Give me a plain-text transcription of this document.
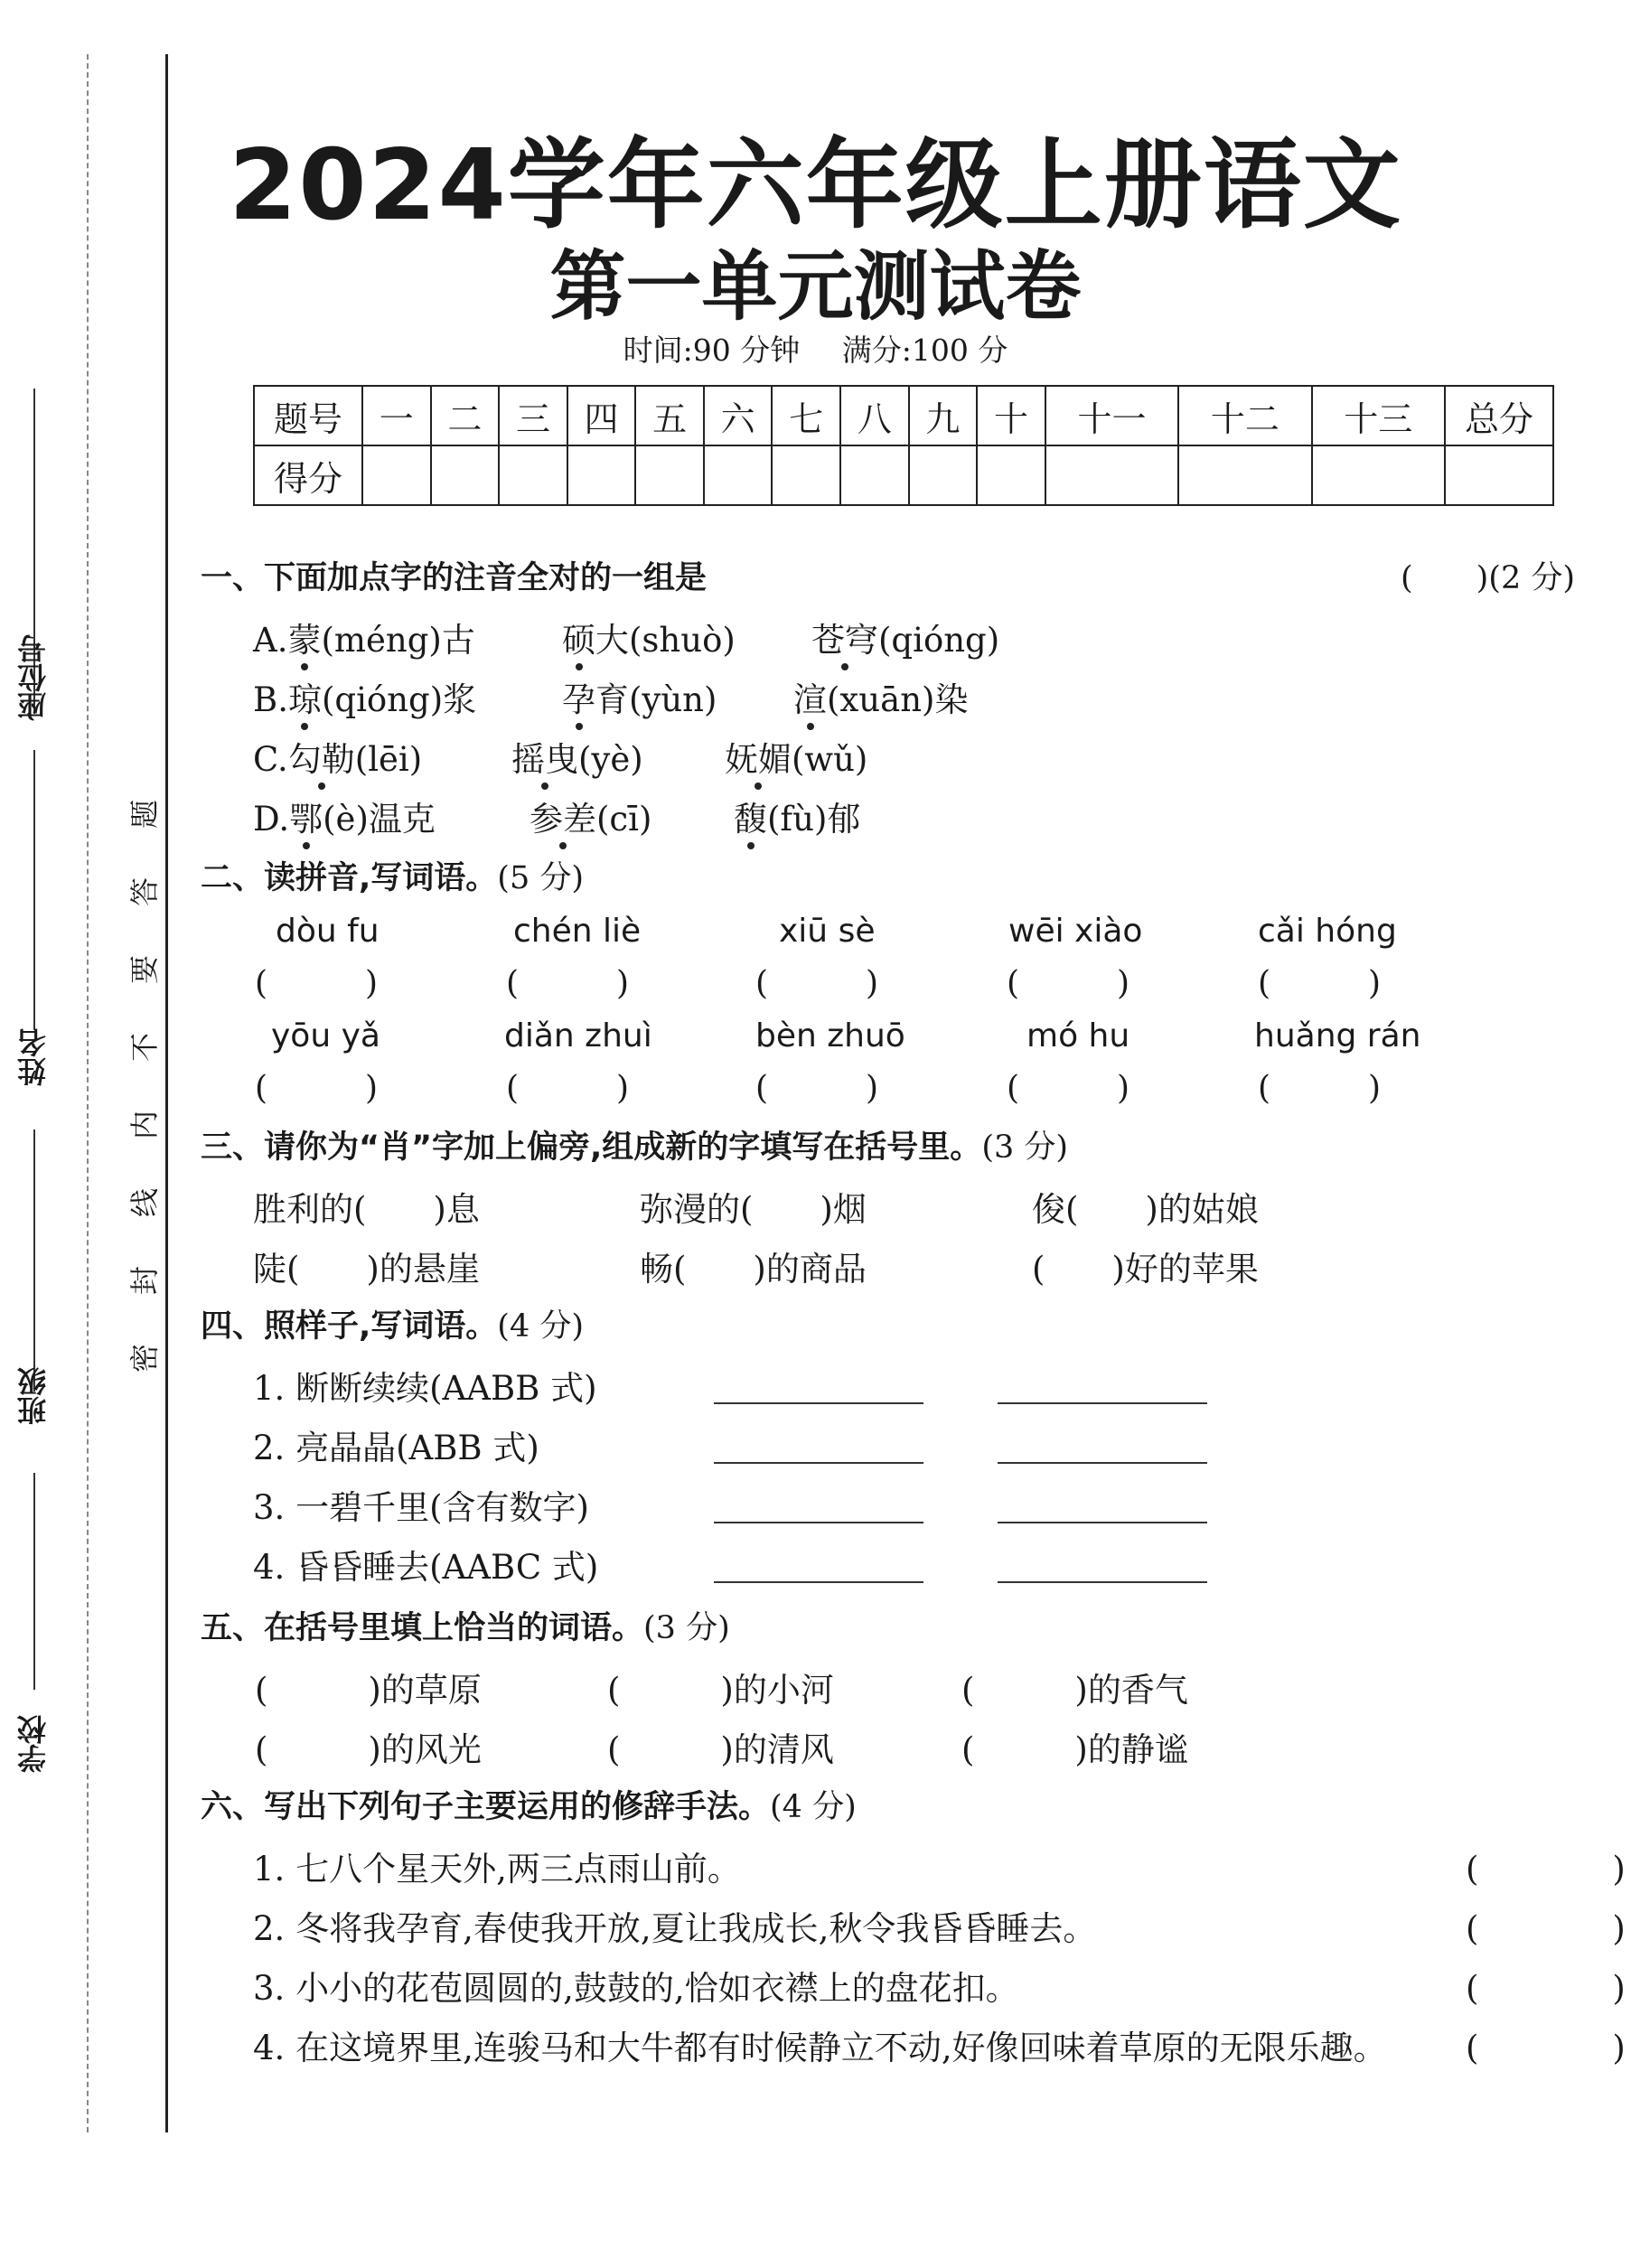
座位号
姓名
班级
学校
密
封
线
内
不
要
答
题
2024学年六年级上册语文
第一单元测试卷
时间:90 分钟 满分:100 分
题号	一	二	三	四	五	六	七	八	九	十	十一	十二	十三	总分
得分														
一、下面加点字的注音全对的一组是	(　　)(2 分)
A.蒙(méng)古	硕大(shuò) 苍穹(qióng)
B.琼(qióng)浆	孕育(yùn) 渲(xuān)染
C.勾勒(lēi)	摇曳(yè) 妩媚(wǔ)
D.鄂(è)温克	参差(cī) 馥(fù)郁
二、读拼音,写词语。(5 分)
dòu fu	chén liè	xiū sè	wēi xiào	cǎi hóng
(　　　)	(　　　)	(　　　)	(　　　)	(　　　)
yōu yǎ	diǎn zhuì	bèn zhuō	mó hu	huǎng rán
(　　　)	(　　　)	(　　　)	(　　　)	(　　　)
三、请你为“肖”字加上偏旁,组成新的字填写在括号里。(3 分)
胜利的(　　)息	弥漫的(　　)烟	俊(　　)的姑娘
陡(　　)的悬崖	畅(　　)的商品	(　　)好的苹果
四、照样子,写词语。(4 分)
1. 断断续续(AABB 式)
2. 亮晶晶(ABB 式)
3. 一碧千里(含有数字)
4. 昏昏睡去(AABC 式)
五、在括号里填上恰当的词语。(3 分)
(　　　)的草原	(　　　)的小河	(　　　)的香气
(　　　)的风光	(　　　)的清风	(　　　)的静谧
六、写出下列句子主要运用的修辞手法。(4 分)
1. 七八个星天外,两三点雨山前。	(　　　　)
2. 冬将我孕育,春使我开放,夏让我成长,秋令我昏昏睡去。	(　　　　)
3. 小小的花苞圆圆的,鼓鼓的,恰如衣襟上的盘花扣。	(　　　　)
4. 在这境界里,连骏马和大牛都有时候静立不动,好像回味着草原的无限乐趣。 (　　　　)
